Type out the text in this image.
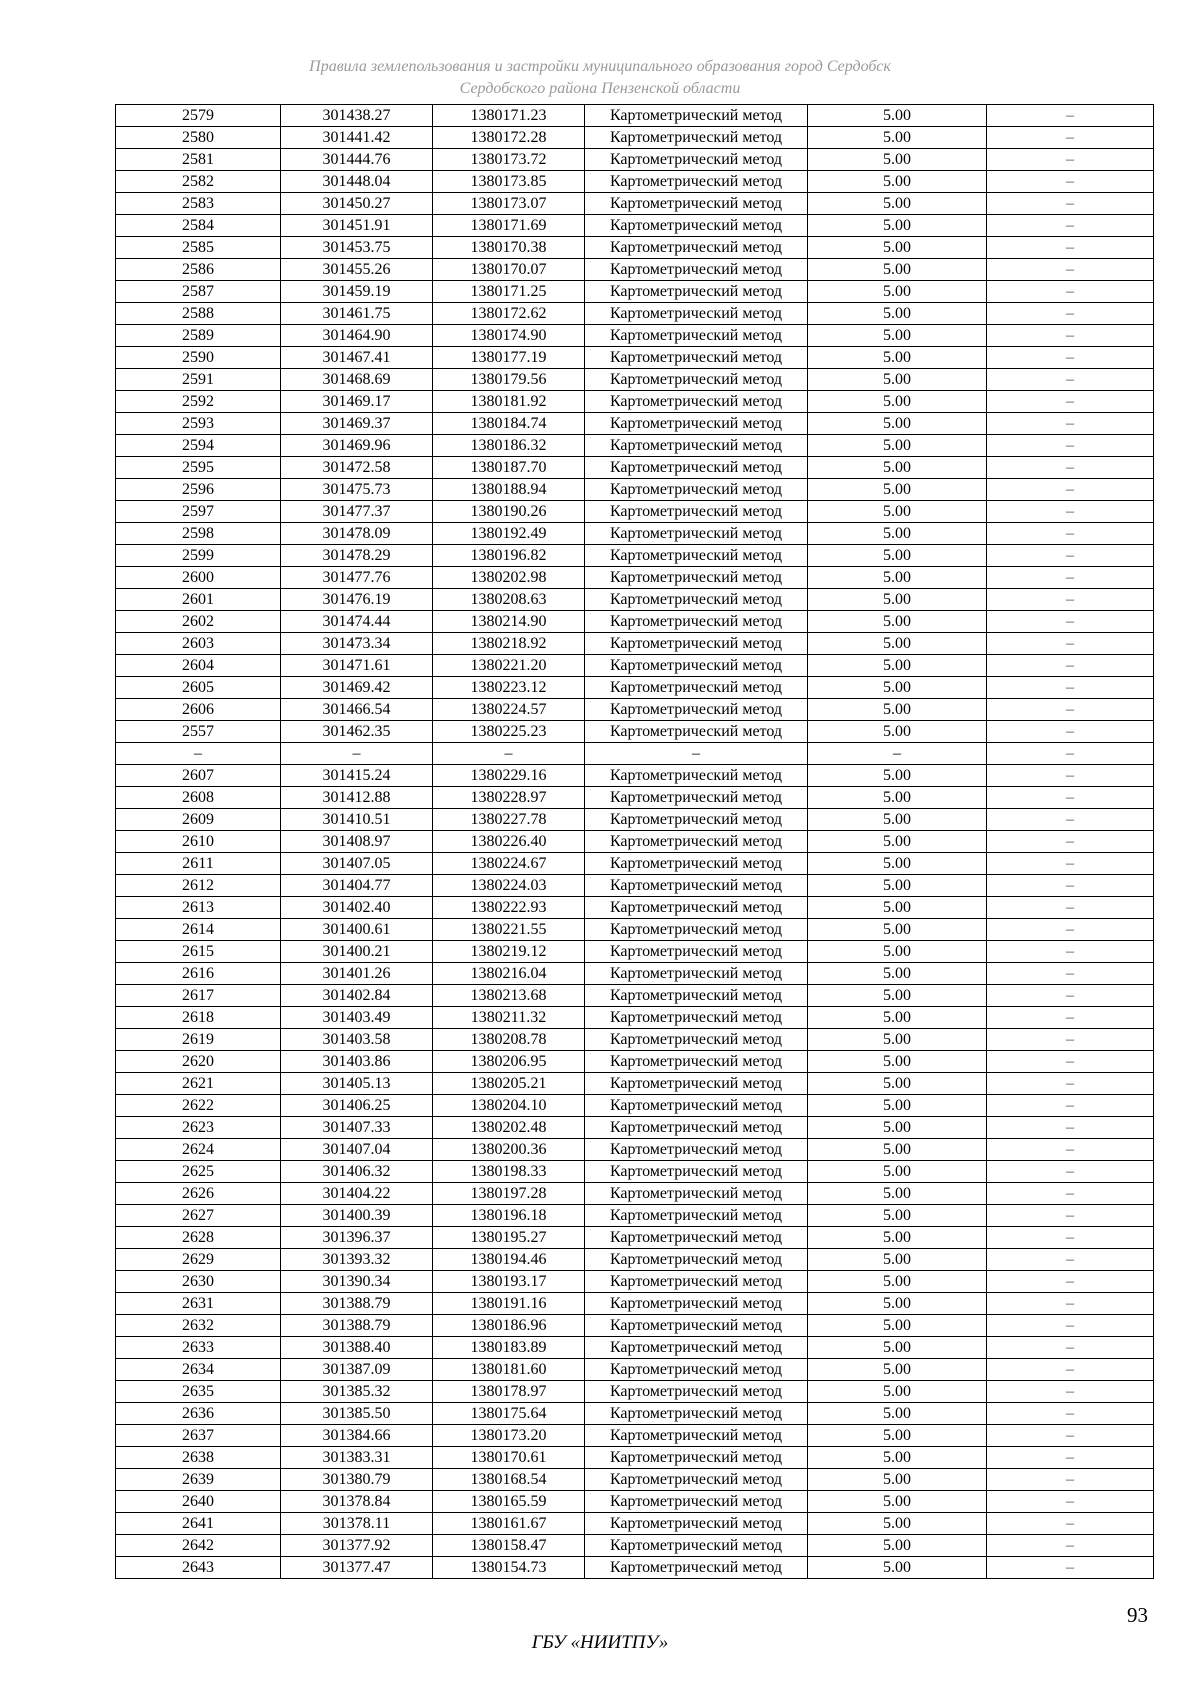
Правила землепользования и застройки муниципального образования город Сердобск
Сердобского района Пензенской области
2579	301438.27	1380171.23	Картометрический метод	5.00	–
2580	301441.42	1380172.28	Картометрический метод	5.00	–
2581	301444.76	1380173.72	Картометрический метод	5.00	–
2582	301448.04	1380173.85	Картометрический метод	5.00	–
2583	301450.27	1380173.07	Картометрический метод	5.00	–
2584	301451.91	1380171.69	Картометрический метод	5.00	–
2585	301453.75	1380170.38	Картометрический метод	5.00	–
2586	301455.26	1380170.07	Картометрический метод	5.00	–
2587	301459.19	1380171.25	Картометрический метод	5.00	–
2588	301461.75	1380172.62	Картометрический метод	5.00	–
2589	301464.90	1380174.90	Картометрический метод	5.00	–
2590	301467.41	1380177.19	Картометрический метод	5.00	–
2591	301468.69	1380179.56	Картометрический метод	5.00	–
2592	301469.17	1380181.92	Картометрический метод	5.00	–
2593	301469.37	1380184.74	Картометрический метод	5.00	–
2594	301469.96	1380186.32	Картометрический метод	5.00	–
2595	301472.58	1380187.70	Картометрический метод	5.00	–
2596	301475.73	1380188.94	Картометрический метод	5.00	–
2597	301477.37	1380190.26	Картометрический метод	5.00	–
2598	301478.09	1380192.49	Картометрический метод	5.00	–
2599	301478.29	1380196.82	Картометрический метод	5.00	–
2600	301477.76	1380202.98	Картометрический метод	5.00	–
2601	301476.19	1380208.63	Картометрический метод	5.00	–
2602	301474.44	1380214.90	Картометрический метод	5.00	–
2603	301473.34	1380218.92	Картометрический метод	5.00	–
2604	301471.61	1380221.20	Картометрический метод	5.00	–
2605	301469.42	1380223.12	Картометрический метод	5.00	–
2606	301466.54	1380224.57	Картометрический метод	5.00	–
2557	301462.35	1380225.23	Картометрический метод	5.00	–
–	–	–	–	–	–
2607	301415.24	1380229.16	Картометрический метод	5.00	–
2608	301412.88	1380228.97	Картометрический метод	5.00	–
2609	301410.51	1380227.78	Картометрический метод	5.00	–
2610	301408.97	1380226.40	Картометрический метод	5.00	–
2611	301407.05	1380224.67	Картометрический метод	5.00	–
2612	301404.77	1380224.03	Картометрический метод	5.00	–
2613	301402.40	1380222.93	Картометрический метод	5.00	–
2614	301400.61	1380221.55	Картометрический метод	5.00	–
2615	301400.21	1380219.12	Картометрический метод	5.00	–
2616	301401.26	1380216.04	Картометрический метод	5.00	–
2617	301402.84	1380213.68	Картометрический метод	5.00	–
2618	301403.49	1380211.32	Картометрический метод	5.00	–
2619	301403.58	1380208.78	Картометрический метод	5.00	–
2620	301403.86	1380206.95	Картометрический метод	5.00	–
2621	301405.13	1380205.21	Картометрический метод	5.00	–
2622	301406.25	1380204.10	Картометрический метод	5.00	–
2623	301407.33	1380202.48	Картометрический метод	5.00	–
2624	301407.04	1380200.36	Картометрический метод	5.00	–
2625	301406.32	1380198.33	Картометрический метод	5.00	–
2626	301404.22	1380197.28	Картометрический метод	5.00	–
2627	301400.39	1380196.18	Картометрический метод	5.00	–
2628	301396.37	1380195.27	Картометрический метод	5.00	–
2629	301393.32	1380194.46	Картометрический метод	5.00	–
2630	301390.34	1380193.17	Картометрический метод	5.00	–
2631	301388.79	1380191.16	Картометрический метод	5.00	–
2632	301388.79	1380186.96	Картометрический метод	5.00	–
2633	301388.40	1380183.89	Картометрический метод	5.00	–
2634	301387.09	1380181.60	Картометрический метод	5.00	–
2635	301385.32	1380178.97	Картометрический метод	5.00	–
2636	301385.50	1380175.64	Картометрический метод	5.00	–
2637	301384.66	1380173.20	Картометрический метод	5.00	–
2638	301383.31	1380170.61	Картометрический метод	5.00	–
2639	301380.79	1380168.54	Картометрический метод	5.00	–
2640	301378.84	1380165.59	Картометрический метод	5.00	–
2641	301378.11	1380161.67	Картометрический метод	5.00	–
2642	301377.92	1380158.47	Картометрический метод	5.00	–
2643	301377.47	1380154.73	Картометрический метод	5.00	–
93
ГБУ «НИИТПУ»
